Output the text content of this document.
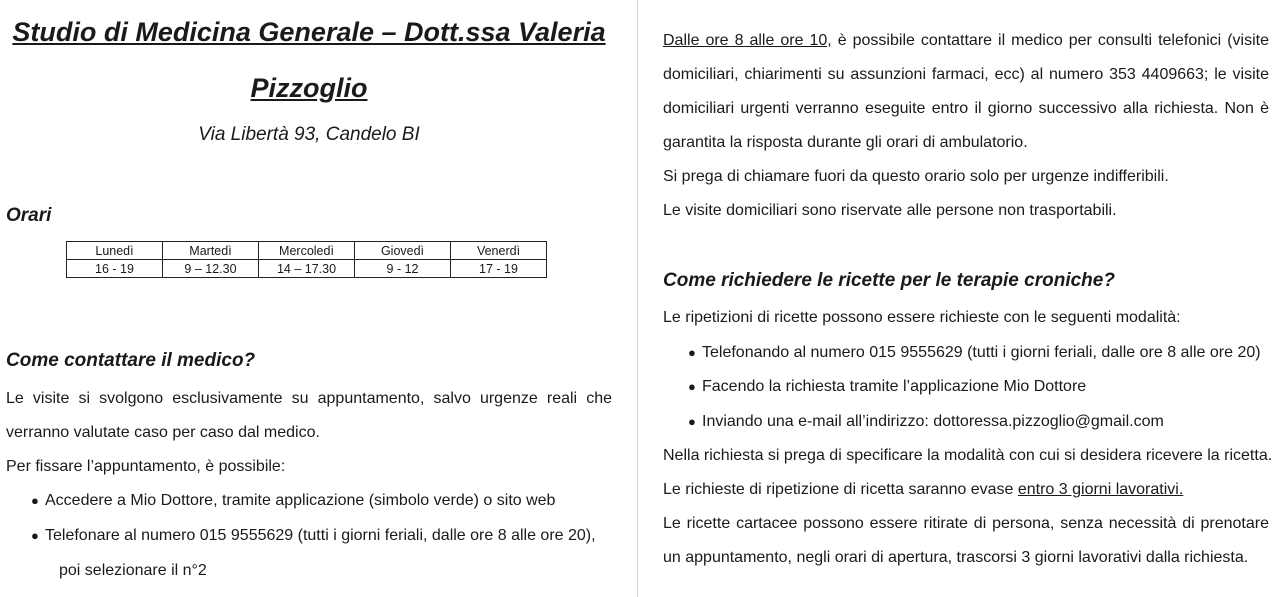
Studio di Medicina Generale – Dott.ssa Valeria
Pizzoglio
Via Libertà 93, Candelo BI
Orari
Lunedì	Martedì	Mercoledì	Giovedì	Venerdì
16 - 19	9 – 12.30	14 – 17.30	9 - 12	17 - 19
Come contattare il medico?
Le visite si svolgono esclusivamente su appuntamento, salvo urgenze reali che verranno valutate caso per caso dal medico.
Per fissare l’appuntamento, è possibile:
● Accedere a Mio Dottore, tramite applicazione (simbolo verde) o sito web
● Telefonare al numero 015 9555629 (tutti i giorni feriali, dalle ore 8 alle ore 20),
poi selezionare il n°2
Dalle ore 8 alle ore 10, è possibile contattare il medico per consulti telefonici (visite domiciliari, chiarimenti su assunzioni farmaci, ecc) al numero 353 4409663; le visite domiciliari urgenti verranno eseguite entro il giorno successivo alla richiesta. Non è garantita la risposta durante gli orari di ambulatorio.
Si prega di chiamare fuori da questo orario solo per urgenze indifferibili.
Le visite domiciliari sono riservate alle persone non trasportabili.
Come richiedere le ricette per le terapie croniche?
Le ripetizioni di ricette possono essere richieste con le seguenti modalità:
● Telefonando al numero 015 9555629 (tutti i giorni feriali, dalle ore 8 alle ore 20)
● Facendo la richiesta tramite l’applicazione Mio Dottore
● Inviando una e-mail all’indirizzo: dottoressa.pizzoglio@gmail.com
Nella richiesta si prega di specificare la modalità con cui si desidera ricevere la ricetta.
Le richieste di ripetizione di ricetta saranno evase entro 3 giorni lavorativi.
Le ricette cartacee possono essere ritirate di persona, senza necessità di prenotare un appuntamento, negli orari di apertura, trascorsi 3 giorni lavorativi dalla richiesta.
